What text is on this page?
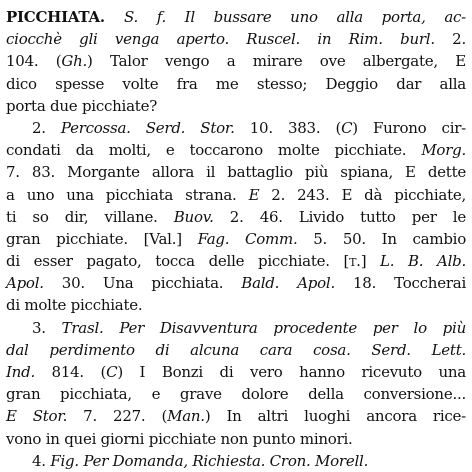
PICCHIATA. S. f. Il bussare uno alla porta, ac-
ciocchè gli venga aperto. Ruscel. in Rim. burl. 2.
104. (Gh.) Talor vengo a mirare ove albergate, E
dico spesse volte fra me stesso; Deggio dar alla
porta due picchiate?
2. Percossa. Serd. Stor. 10. 383. (C) Furono cir-
condati da molti, e toccarono molte picchiate. Morg.
7. 83. Morgante allora il battaglio più spiana, E dette
a uno una picchiata strana. E 2. 243. E dà picchiate,
ti so dir, villane. Buov. 2. 46. Livido tutto per le
gran picchiate. [Val.] Fag. Comm. 5. 50. In cambio
di esser pagato, tocca delle picchiate. [t.] L. B. Alb.
Apol. 30. Una picchiata. Bald. Apol. 18. Toccherai
di molte picchiate.
3. Trasl. Per Disavventura procedente per lo più
dal perdimento di alcuna cara cosa. Serd. Lett.
Ind. 814. (C) I Bonzi di vero hanno ricevuto una
gran picchiata, e grave dolore della conversione...
E Stor. 7. 227. (Man.) In altri luoghi ancora rice-
vono in quei giorni picchiate non punto minori.
4. Fig. Per Domanda, Richiesta. Cron. Morell.
